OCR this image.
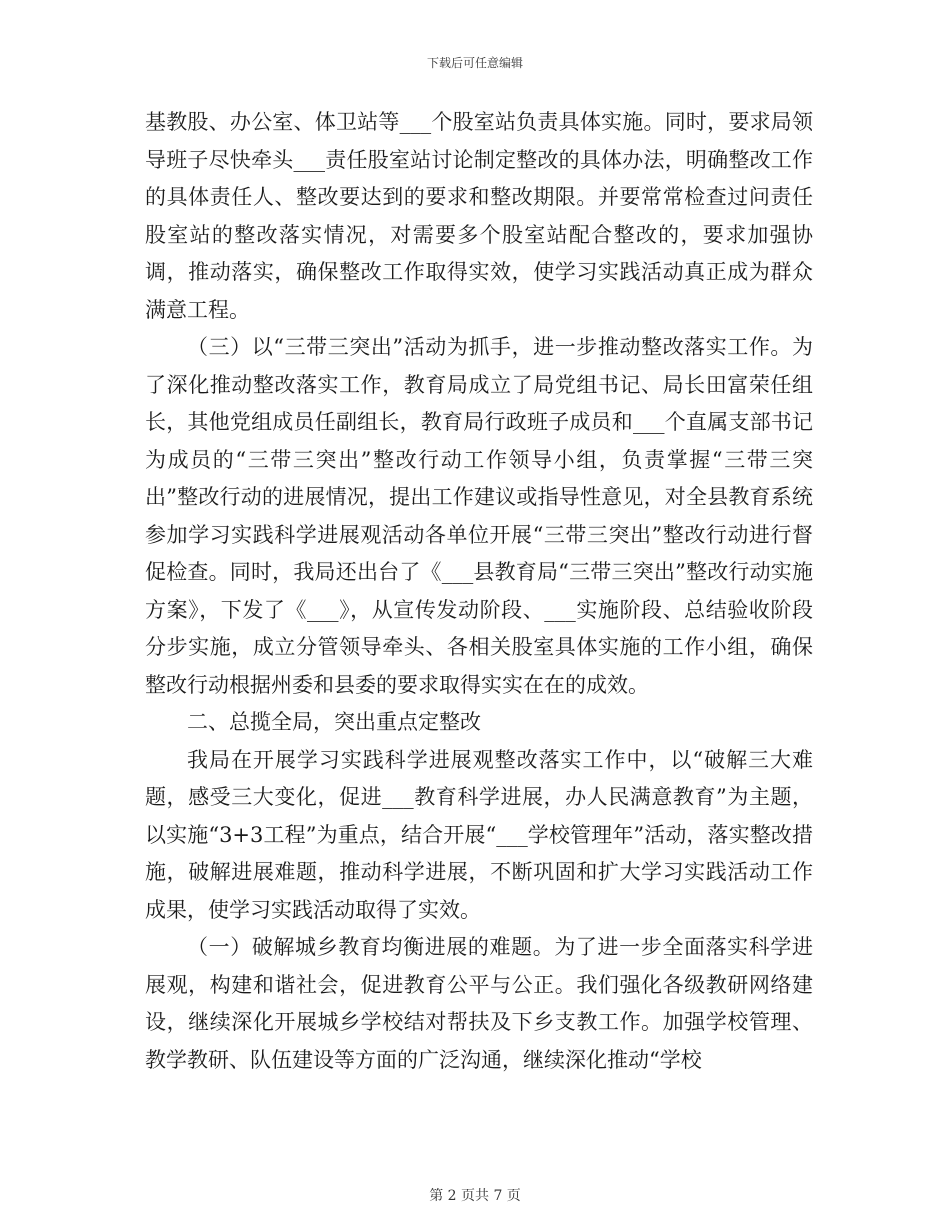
下载后可任意编辑

基教股、办公室、体卫站等___个股室站负责具体实施。同时，要求局领导班子尽快牵头___责任股室站讨论制定整改的具体办法，明确整改工作的具体责任人、整改要达到的要求和整改期限。并要常常检查过问责任股室站的整改落实情况，对需要多个股室站配合整改的，要求加强协调，推动落实，确保整改工作取得实效，使学习实践活动真正成为群众满意工程。

（三）以“三带三突出”活动为抓手，进一步推动整改落实工作。为了深化推动整改落实工作，教育局成立了局党组书记、局长田富荣任组长，其他党组成员任副组长，教育局行政班子成员和___个直属支部书记为成员的“三带三突出”整改行动工作领导小组，负责掌握“三带三突出”整改行动的进展情况，提出工作建议或指导性意见，对全县教育系统参加学习实践科学进展观活动各单位开展“三带三突出”整改行动进行督促检查。同时，我局还出台了《___县教育局“三带三突出”整改行动实施方案》，下发了《___》，从宣传发动阶段、___实施阶段、总结验收阶段分步实施，成立分管领导牵头、各相关股室具体实施的工作小组，确保整改行动根据州委和县委的要求取得实实在在的成效。

二、总揽全局，突出重点定整改

我局在开展学习实践科学进展观整改落实工作中，以“破解三大难题，感受三大变化，促进___教育科学进展，办人民满意教育”为主题，以实施“3+3工程”为重点，结合开展“___学校管理年”活动，落实整改措施，破解进展难题，推动科学进展，不断巩固和扩大学习实践活动工作成果，使学习实践活动取得了实效。

（一）破解城乡教育均衡进展的难题。为了进一步全面落实科学进展观，构建和谐社会，促进教育公平与公正。我们强化各级教研网络建设，继续深化开展城乡学校结对帮扶及下乡支教工作。加强学校管理、教学教研、队伍建设等方面的广泛沟通，继续深化推动“学校

第 2 页共 7 页
